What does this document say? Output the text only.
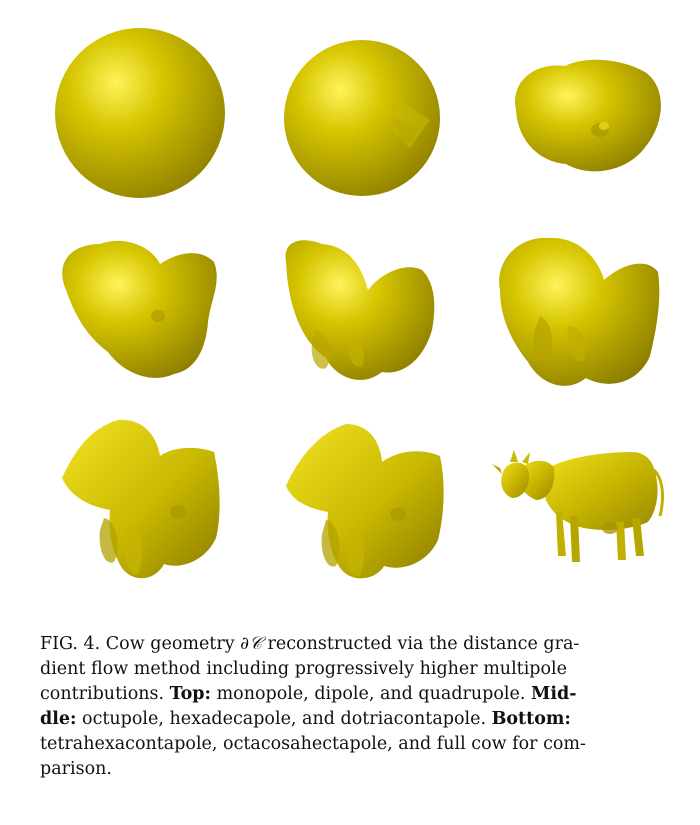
FIG. 4. Cow geometry ∂𝒞 reconstructed via the distance gra-
dient flow method including progressively higher multipole
contributions. Top: monopole, dipole, and quadrupole. Mid-
dle: octupole, hexadecapole, and dotriacontapole. Bottom:
tetrahexacontapole, octacosahectapole, and full cow for com-
parison.
